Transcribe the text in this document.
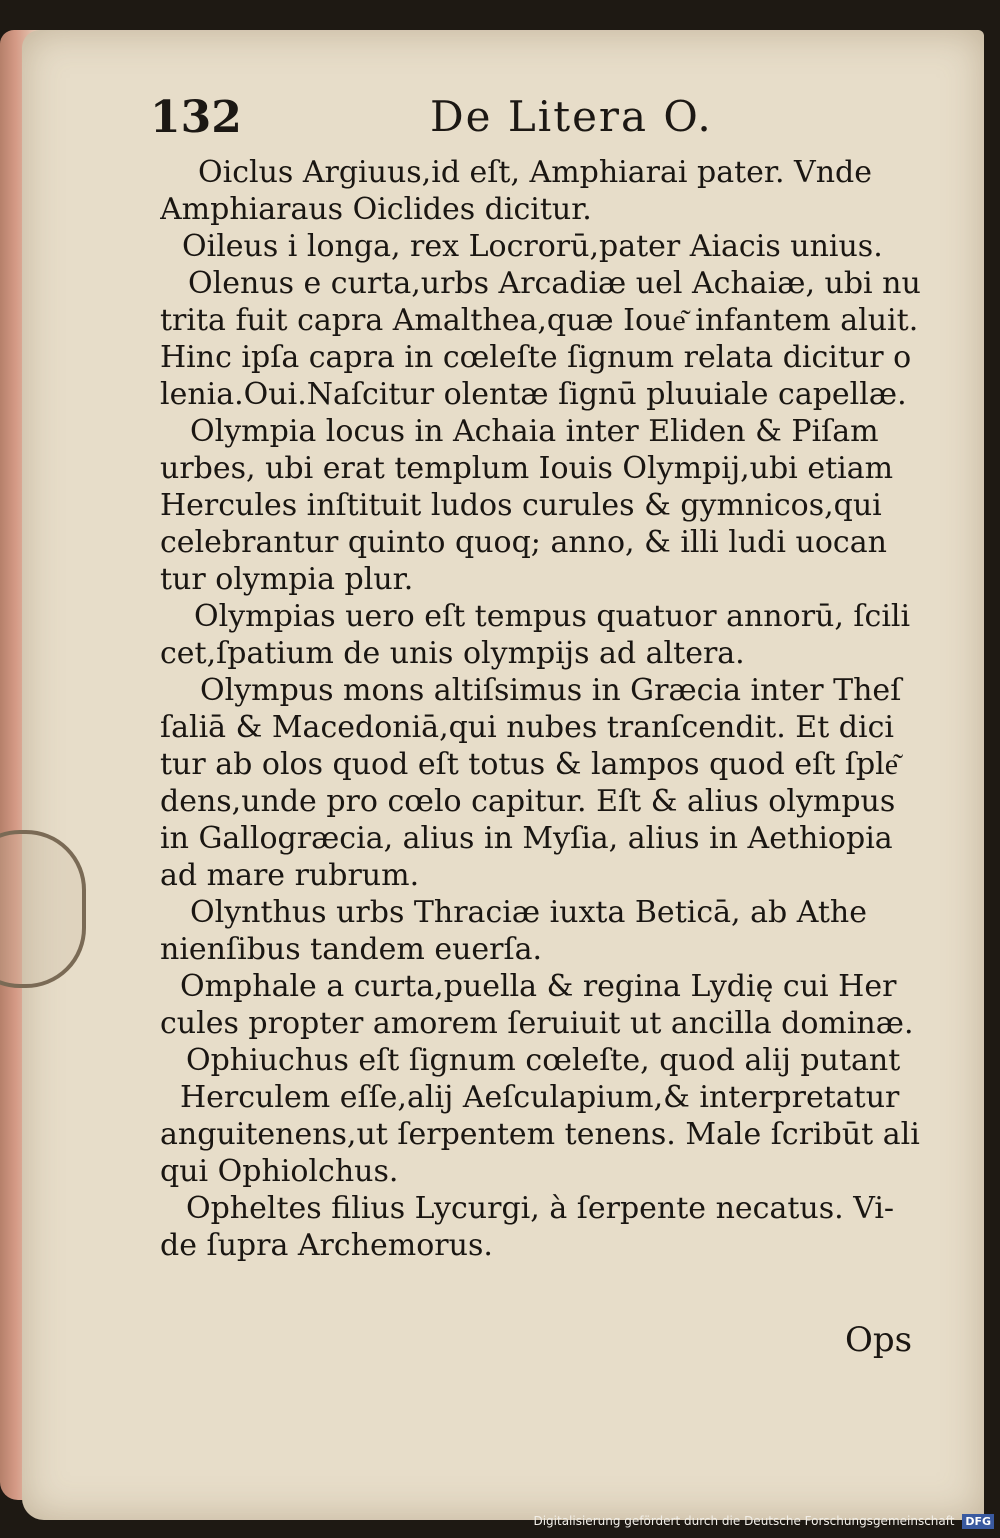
132	De Litera O.
Oiclus Argiuus,id eſt, Amphiarai pater. Vnde
Amphiaraus Oiclides dicitur.
Oileus i longa, rex Locrorū,pater Aiacis unius.
Olenus e curta,urbs Arcadiæ uel Achaiæ, ubi nu
trita fuit capra Amalthea,quæ Ioue͂ infantem aluit.
Hinc ipſa capra in cœleſte ſignum relata dicitur o
lenia.Oui.Naſcitur olentæ ſignū pluuiale capellæ.
Olympia locus in Achaia inter Eliden & Piſam
urbes, ubi erat templum Iouis Olympij,ubi etiam
Hercules inſtituit ludos curules & gymnicos,qui
celebrantur quinto quoq; anno, & illi ludi uocan
tur olympia plur.
Olympias uero eſt tempus quatuor annorū, ſcili
cet,ſpatium de unis olympijs ad altera.
Olympus mons altiſsimus in Græcia inter Theſ
ſaliā & Macedoniā,qui nubes tranſcendit. Et dici
tur ab olos quod eſt totus & lampos quod eſt ſple͂
dens,unde pro cœlo capitur. Eſt & alius olympus
in Gallogræcia, alius in Myſia, alius in Aethiopia
ad mare rubrum.
Olynthus urbs Thraciæ iuxta Beticā, ab Athe
nienſibus tandem euerſa.
Omphale a curta,puella & regina Lydię cui Her
cules propter amorem ſeruiuit ut ancilla dominæ.
Ophiuchus eſt ſignum cœleſte, quod alij putant
Herculem eſſe,alij Aeſculapium,& interpretatur
anguitenens,ut ſerpentem tenens. Male ſcribūt ali
qui Ophiolchus.
Opheltes filius Lycurgi, à ſerpente necatus. Vi-
de ſupra Archemorus.
Ops
Digitalisierung gefördert durch die Deutsche Forschungsgemeinschaft DFG
